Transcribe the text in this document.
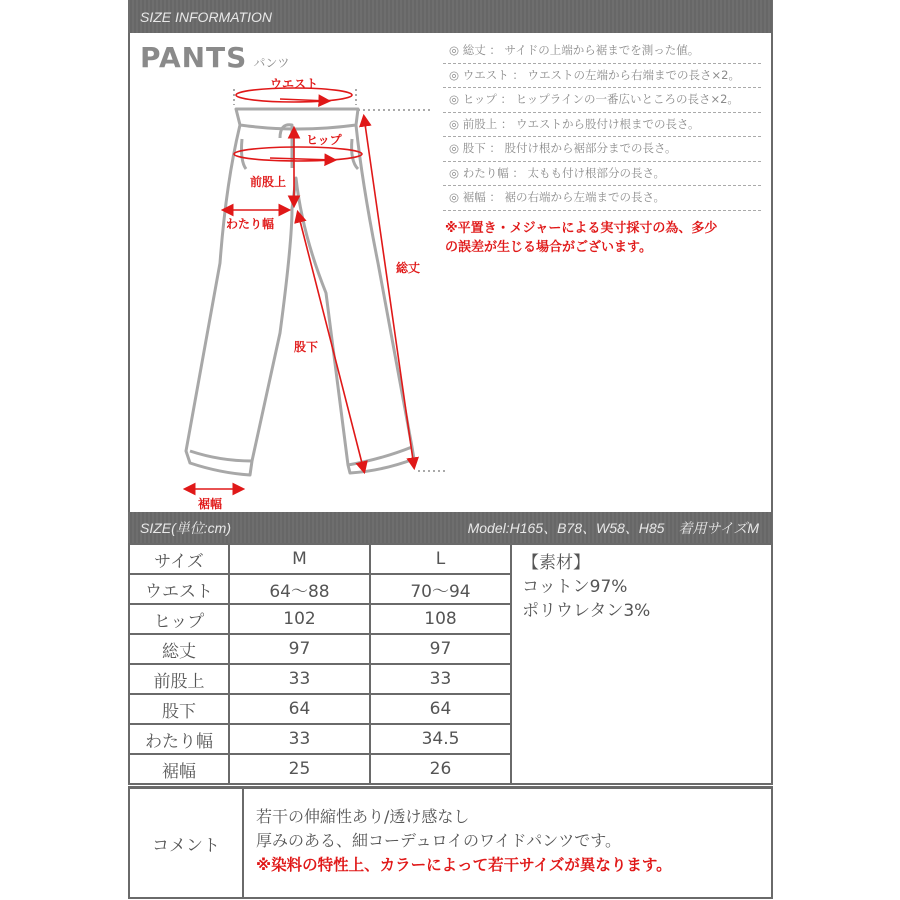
SIZE INFORMATION
PANTS パンツ
ウエスト
ヒップ
前股上
わたり幅
総丈
股下
裾幅
◎ 総丈 ： サイドの上端から裾までを測った値。
◎ ウエスト ： ウエストの左端から右端までの長さ×2。
◎ ヒップ ： ヒップラインの一番広いところの長さ×2。
◎ 前股上 ： ウエストから股付け根までの長さ。
◎ 股下 ： 股付け根から裾部分までの長さ。
◎ わたり幅 ： 太もも付け根部分の長さ。
◎ 裾幅 ： 裾の右端から左端までの長さ。
※平置き・メジャーによる実寸採寸の為、多少
の誤差が生じる場合がございます。
SIZE(単位:cm)	Model:H165、B78、W58、H85　着用サイズM
サイズ	M	L	【素材】
コットン97%
ポリウレタン3%

ウエスト	64〜88	70〜94	
ヒップ	102	108	
総丈	97	97	
前股上	33	33	
股下	64	64	
わたり幅	33	34.5	
裾幅	25	26	
コメント
若干の伸縮性あり/透け感なし
厚みのある、細コーデュロイのワイドパンツです。
※染料の特性上、カラーによって若干サイズが異なります。
